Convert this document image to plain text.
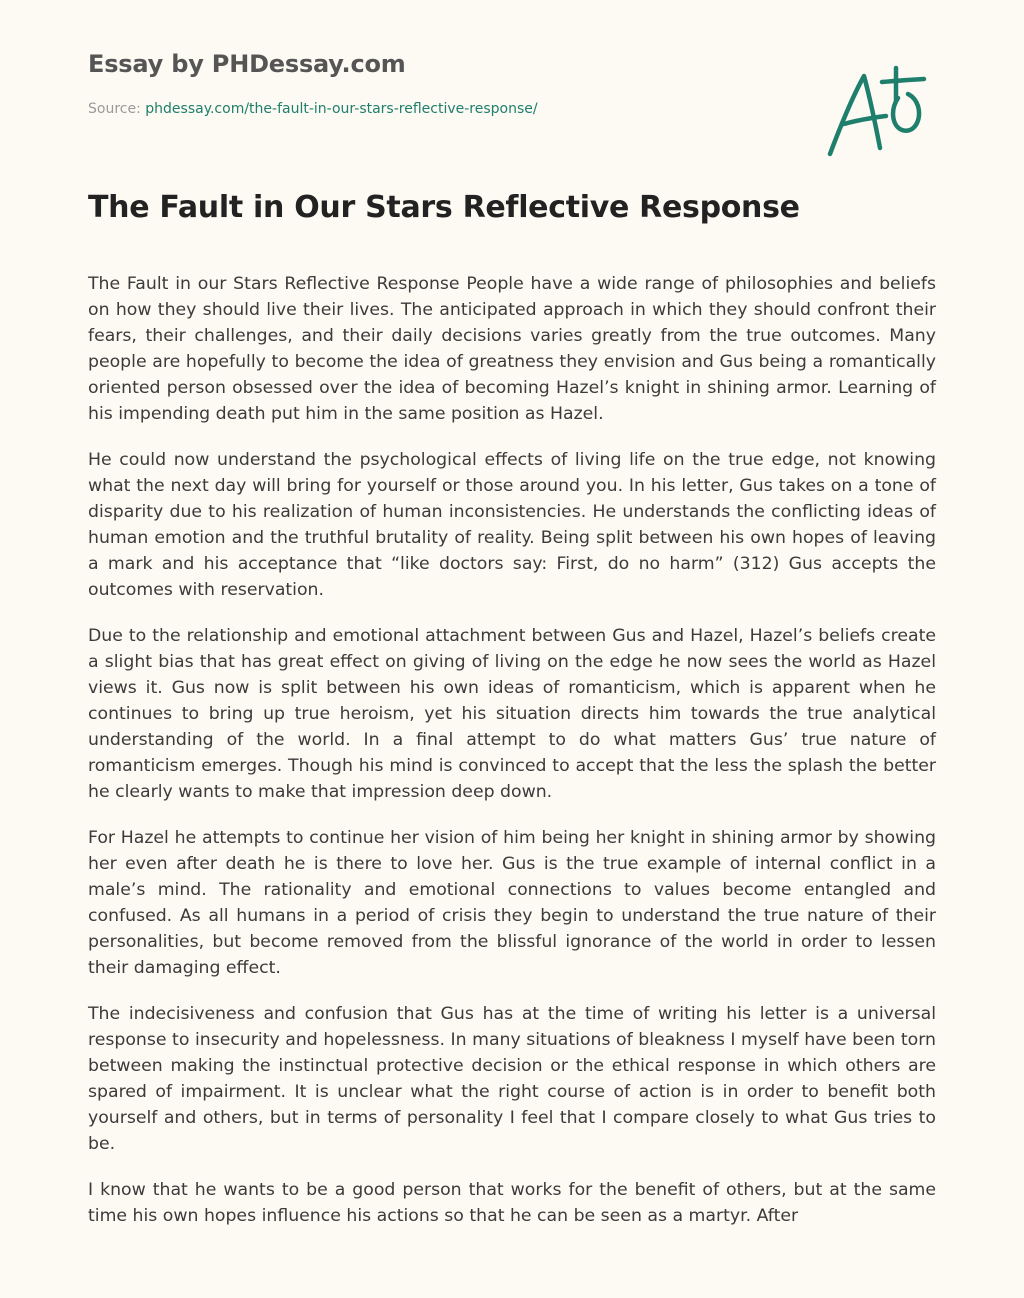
Essay by PHDessay.com
Source: phdessay.com/the-fault-in-our-stars-reflective-response/
The Fault in Our Stars Reflective Response

The Fault in our Stars Reflective Response People have a wide range of philosophies and beliefs on how they should live their lives. The anticipated approach in which they should confront their fears, their challenges, and their daily decisions varies greatly from the true outcomes. Many people are hopefully to become the idea of greatness they envision and Gus being a romantically oriented person obsessed over the idea of becoming Hazel’s knight in shining armor. Learning of his impending death put him in the same position as Hazel.

He could now understand the psychological effects of living life on the true edge, not knowing what the next day will bring for yourself or those around you. In his letter, Gus takes on a tone of disparity due to his realization of human inconsistencies. He understands the conflicting ideas of human emotion and the truthful brutality of reality. Being split between his own hopes of leaving a mark and his acceptance that “like doctors say: First, do no harm” (312) Gus accepts the outcomes with reservation.

Due to the relationship and emotional attachment between Gus and Hazel, Hazel’s beliefs create a slight bias that has great effect on giving of living on the edge he now sees the world as Hazel views it. Gus now is split between his own ideas of romanticism, which is apparent when he continues to bring up true heroism, yet his situation directs him towards the true analytical understanding of the world. In a final attempt to do what matters Gus’ true nature of romanticism emerges. Though his mind is convinced to accept that the less the splash the better he clearly wants to make that impression deep down.

For Hazel he attempts to continue her vision of him being her knight in shining armor by showing her even after death he is there to love her. Gus is the true example of internal conflict in a male’s mind. The rationality and emotional connections to values become entangled and confused. As all humans in a period of crisis they begin to understand the true nature of their personalities, but become removed from the blissful ignorance of the world in order to lessen their damaging effect.

The indecisiveness and confusion that Gus has at the time of writing his letter is a universal response to insecurity and hopelessness. In many situations of bleakness I myself have been torn between making the instinctual protective decision or the ethical response in which others are spared of impairment. It is unclear what the right course of action is in order to benefit both yourself and others, but in terms of personality I feel that I compare closely to what Gus tries to be.

I know that he wants to be a good person that works for the benefit of others, but at the same time his own hopes influence his actions so that he can be seen as a martyr. After
